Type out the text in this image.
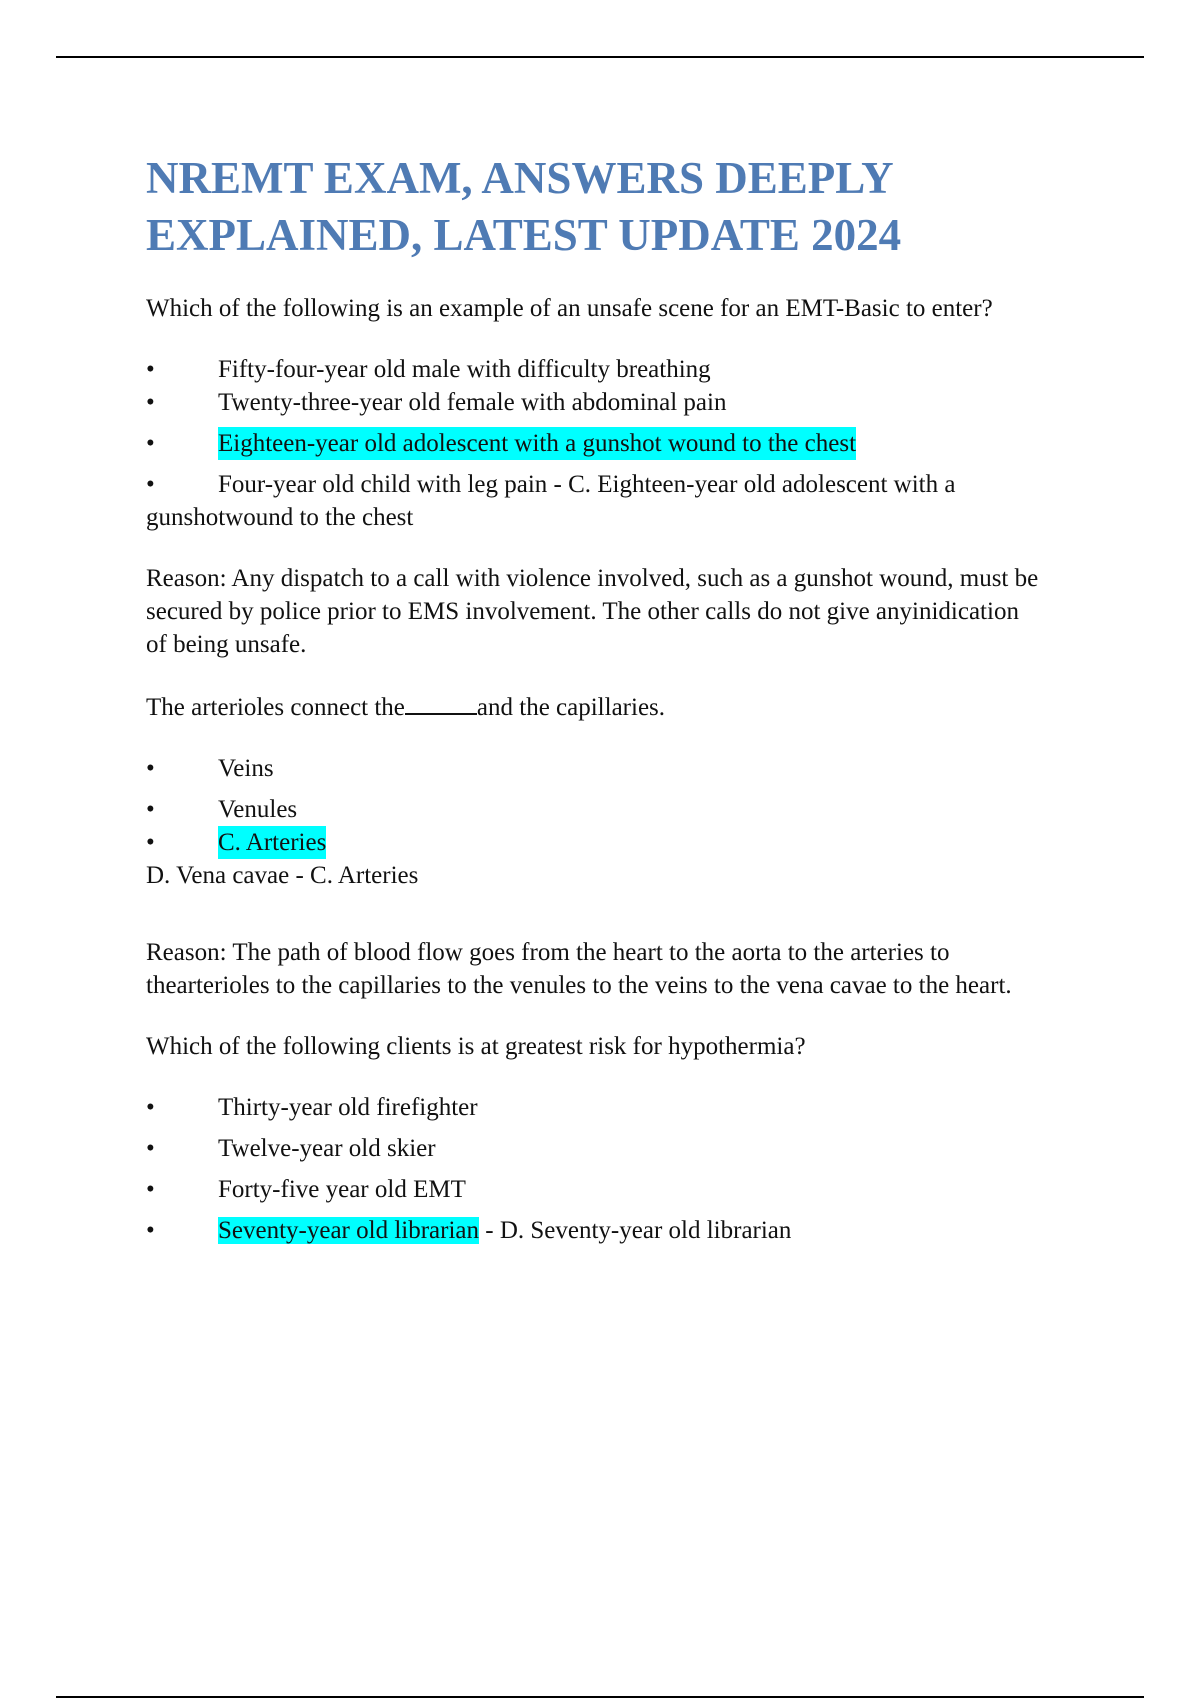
NREMT EXAM, ANSWERS DEEPLY EXPLAINED, LATEST UPDATE 2024

Which of the following is an example of an unsafe scene for an EMT-Basic to enter?

•	Fifty-four-year old male with difficulty breathing
•	Twenty-three-year old female with abdominal pain
•	Eighteen-year old adolescent with a gunshot wound to the chest

•	Four-year old child with leg pain - C. Eighteen-year old adolescent with a gunshotwound to the chest

Reason: Any dispatch to a call with violence involved, such as a gunshot wound, must be secured by police prior to EMS involvement. The other calls do not give anyinidication of being unsafe.

The arterioles connect the	and the capillaries.

•	Veins
•	Venules
•	C. Arteries

D. Vena cavae - C. Arteries

Reason: The path of blood flow goes from the heart to the aorta to the arteries to thearterioles to the capillaries to the venules to the veins to the vena cavae to the heart.

Which of the following clients is at greatest risk for hypothermia?

•	Thirty-year old firefighter
•	Twelve-year old skier
•	Forty-five year old EMT
•	Seventy-year old librarian - D. Seventy-year old librarian
